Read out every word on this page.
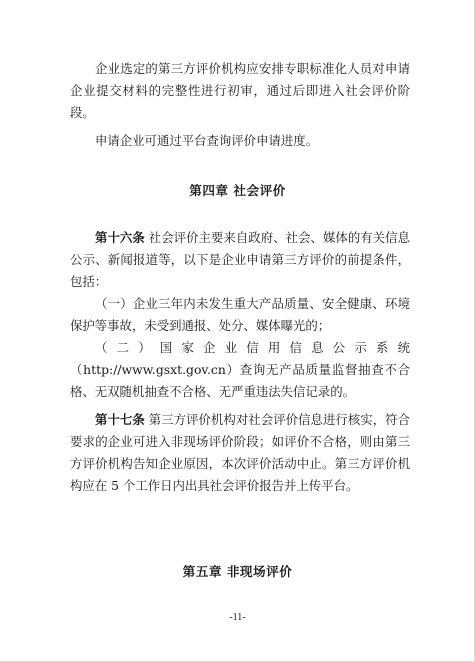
企业选定的第三方评价机构应安排专职标准化人员对申请企业提交材料的完整性进行初审，通过后即进入社会评价阶段。

申请企业可通过平台查询评价申请进度。

第四章 社会评价

第十六条 社会评价主要来自政府、社会、媒体的有关信息公示、新闻报道等，以下是企业申请第三方评价的前提条件，包括：

（一）企业三年内未发生重大产品质量、安全健康、环境保护等事故，未受到通报、处分、媒体曝光的；

（二）国家企业信用信息公示系统（http://www.gsxt.gov.cn）查询无产品质量监督抽查不合格、无双随机抽查不合格、无严重违法失信记录的。

第十七条 第三方评价机构对社会评价信息进行核实，符合要求的企业可进入非现场评价阶段；如评价不合格，则由第三方评价机构告知企业原因，本次评价活动中止。第三方评价机构应在 5 个工作日内出具社会评价报告并上传平台。

第五章 非现场评价

-11-
